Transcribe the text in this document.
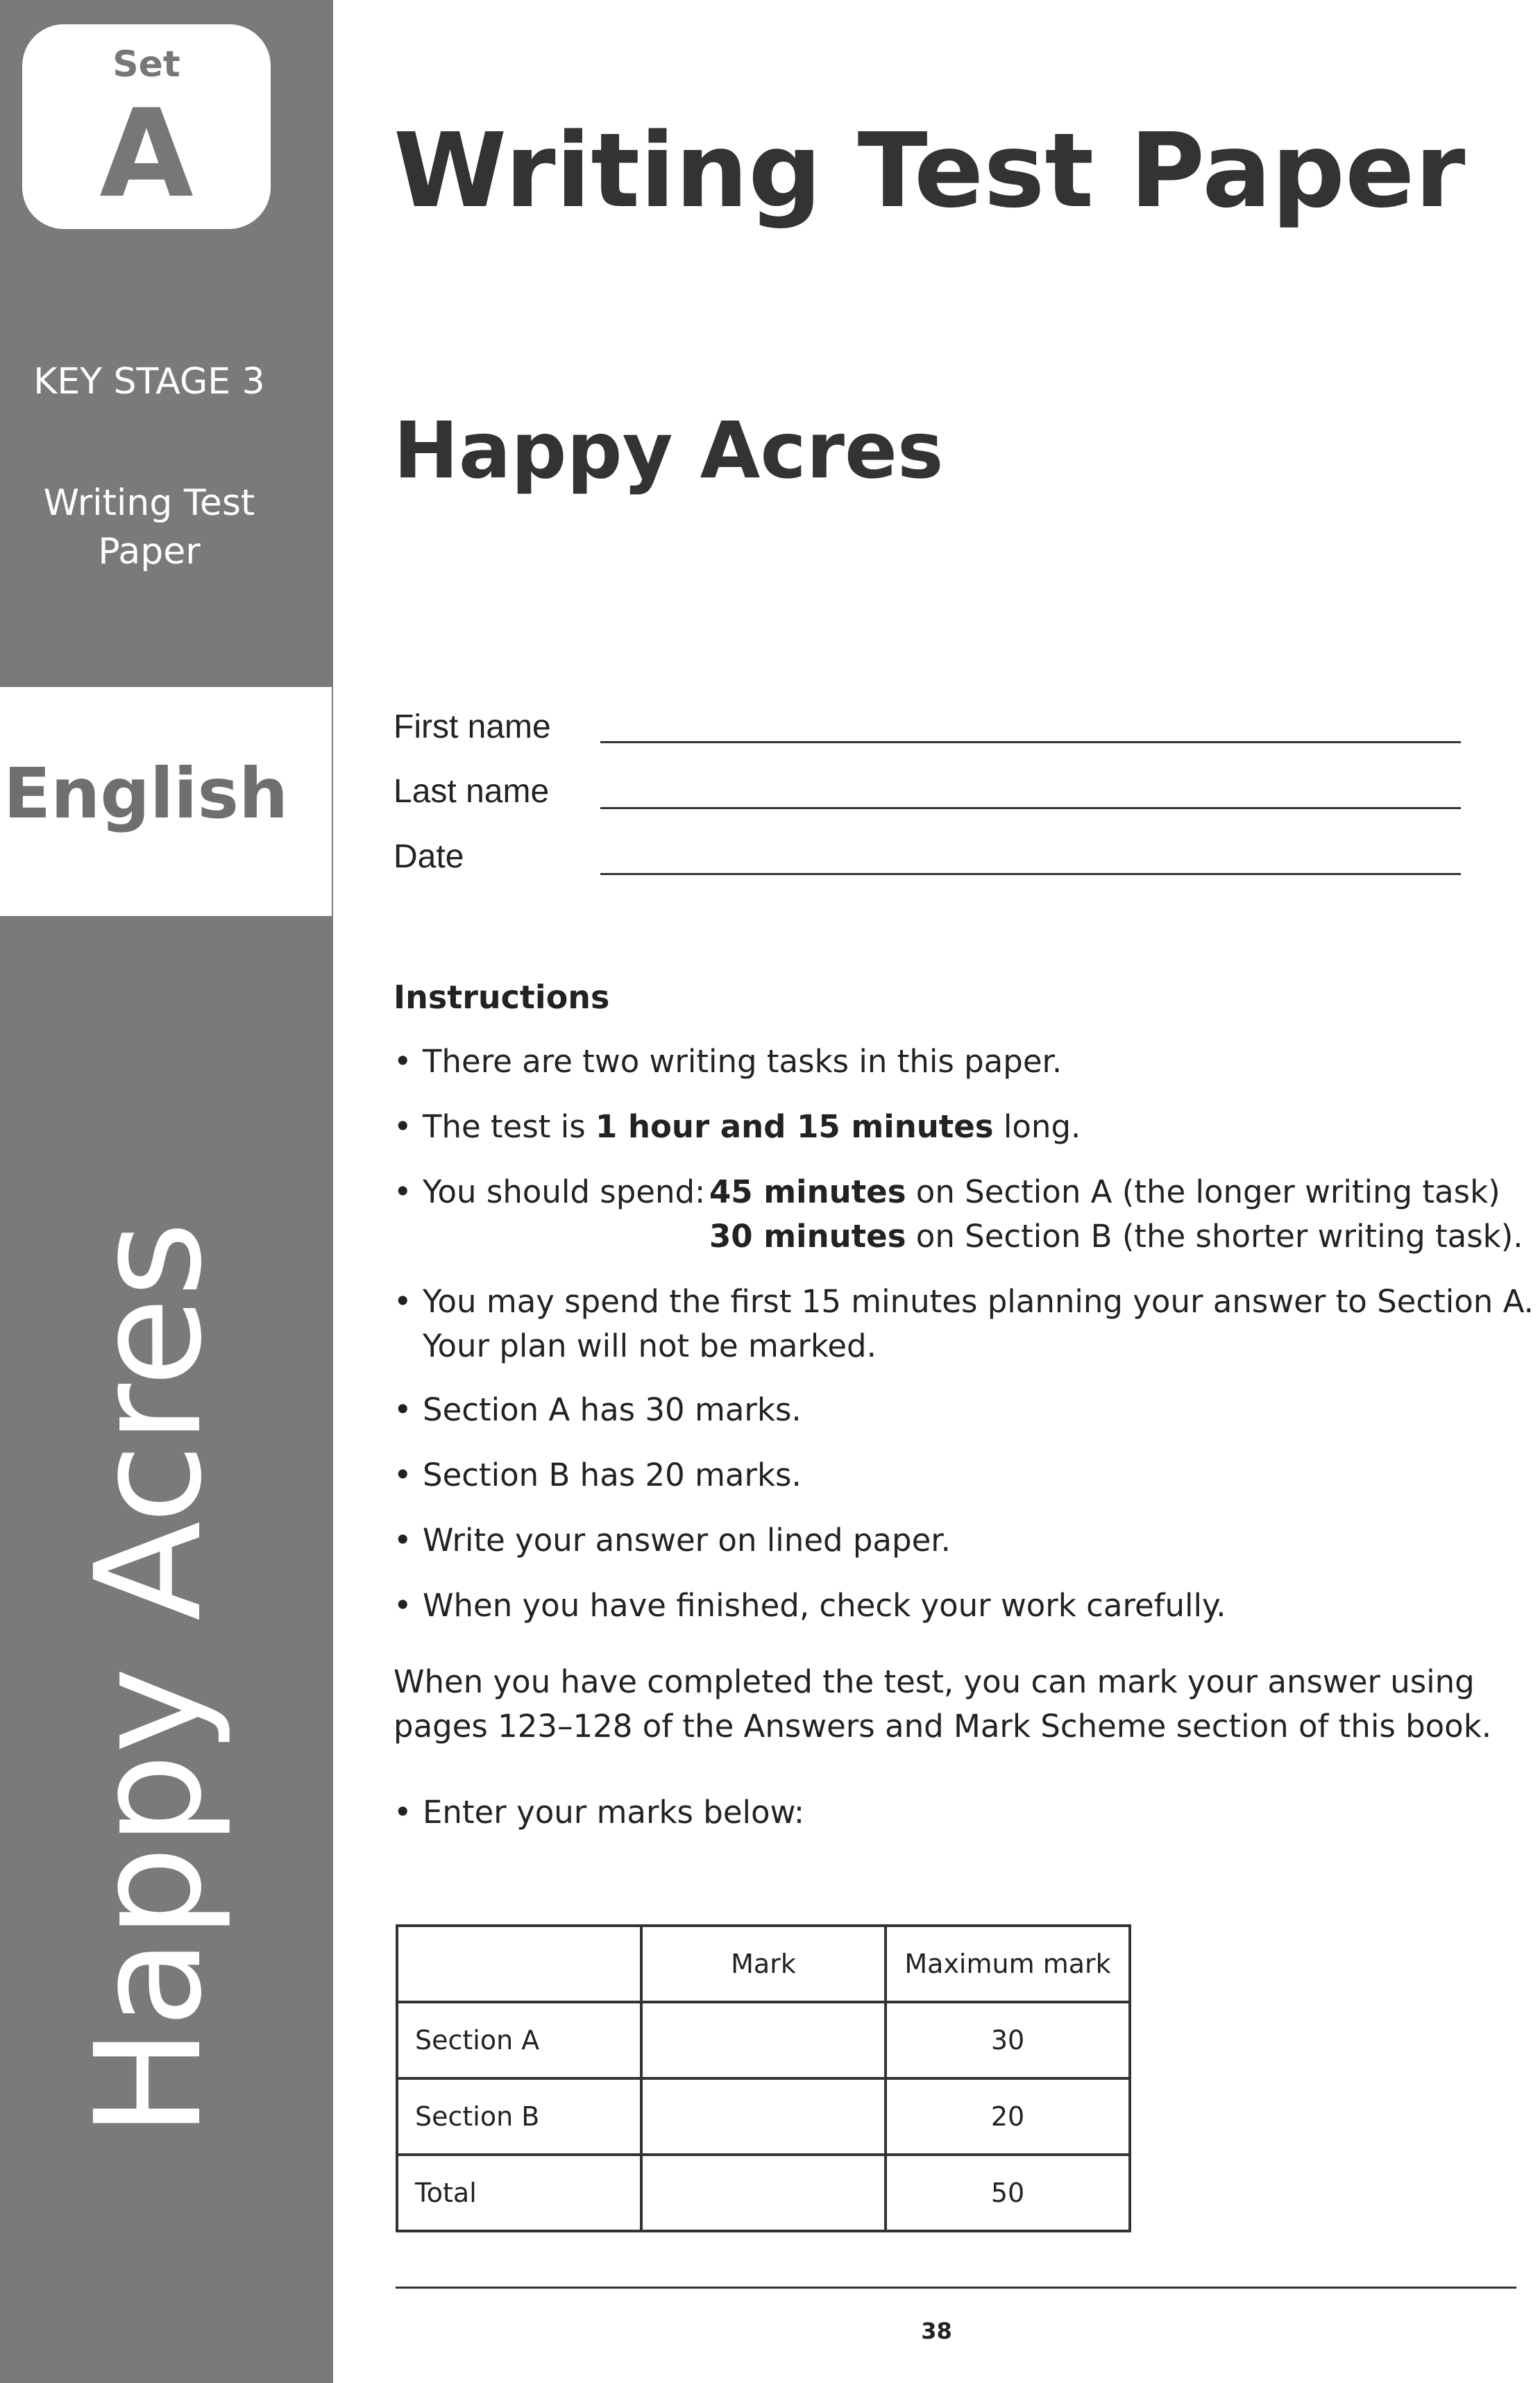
Set
A
KEY STAGE 3
Writing Test
Paper
English
Happy Acres
Writing Test Paper
Happy Acres
First name
Last name
Date
Instructions
• There are two writing tasks in this paper.
• The test is 1 hour and 15 minutes long.
• You should spend: 45 minutes on Section A (the longer writing task)
30 minutes on Section B (the shorter writing task).
• You may spend the first 15 minutes planning your answer to Section A.
Your plan will not be marked.
• Section A has 30 marks.
• Section B has 20 marks.
• Write your answer on lined paper.
• When you have finished, check your work carefully.
When you have completed the test, you can mark your answer using
pages 123–128 of the Answers and Mark Scheme section of this book.
• Enter your marks below:
	Mark	Maximum mark
Section A		30
Section B		20
Total		50
38
